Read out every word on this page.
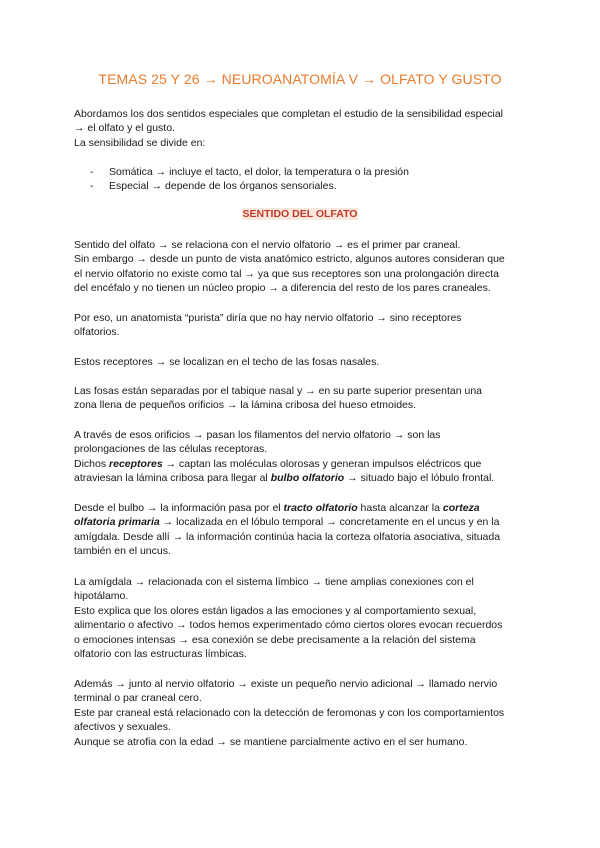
TEMAS 25 Y 26 → NEUROANATOMÍA V → OLFATO Y GUSTO
Abordamos los dos sentidos especiales que completan el estudio de la sensibilidad especial
→ el olfato y el gusto.
La sensibilidad se divide en:
- Somática → incluye el tacto, el dolor, la temperatura o la presión
- Especial → depende de los órganos sensoriales.
SENTIDO DEL OLFATO
Sentido del olfato → se relaciona con el nervio olfatorio → es el primer par craneal.
Sin embargo → desde un punto de vista anatómico estricto, algunos autores consideran que
el nervio olfatorio no existe como tal → ya que sus receptores son una prolongación directa
del encéfalo y no tienen un núcleo propio → a diferencia del resto de los pares craneales.
Por eso, un anatomista “purista” diría que no hay nervio olfatorio → sino receptores
olfatorios.
Estos receptores → se localizan en el techo de las fosas nasales.
Las fosas están separadas por el tabique nasal y → en su parte superior presentan una
zona llena de pequeños orificios → la lámina cribosa del hueso etmoides.
A través de esos orificios → pasan los filamentos del nervio olfatorio → son las
prolongaciones de las células receptoras.
Dichos receptores → captan las moléculas olorosas y generan impulsos eléctricos que
atraviesan la lámina cribosa para llegar al bulbo olfatorio → situado bajo el lóbulo frontal.
Desde el bulbo → la información pasa por el tracto olfatorio hasta alcanzar la corteza
olfatoria primaria → localizada en el lóbulo temporal → concretamente en el uncus y en la
amígdala. Desde allí → la información continúa hacia la corteza olfatoria asociativa, situada
también en el uncus.
La amígdala → relacionada con el sistema límbico → tiene amplias conexiones con el
hipotálamo.
Esto explica que los olores están ligados a las emociones y al comportamiento sexual,
alimentario o afectivo → todos hemos experimentado cómo ciertos olores evocan recuerdos
o emociones intensas → esa conexión se debe precisamente a la relación del sistema
olfatorio con las estructuras límbicas.
Además → junto al nervio olfatorio → existe un pequeño nervio adicional → llamado nervio
terminal o par craneal cero.
Este par craneal está relacionado con la detección de feromonas y con los comportamientos
afectivos y sexuales.
Aunque se atrofia con la edad → se mantiene parcialmente activo en el ser humano.
